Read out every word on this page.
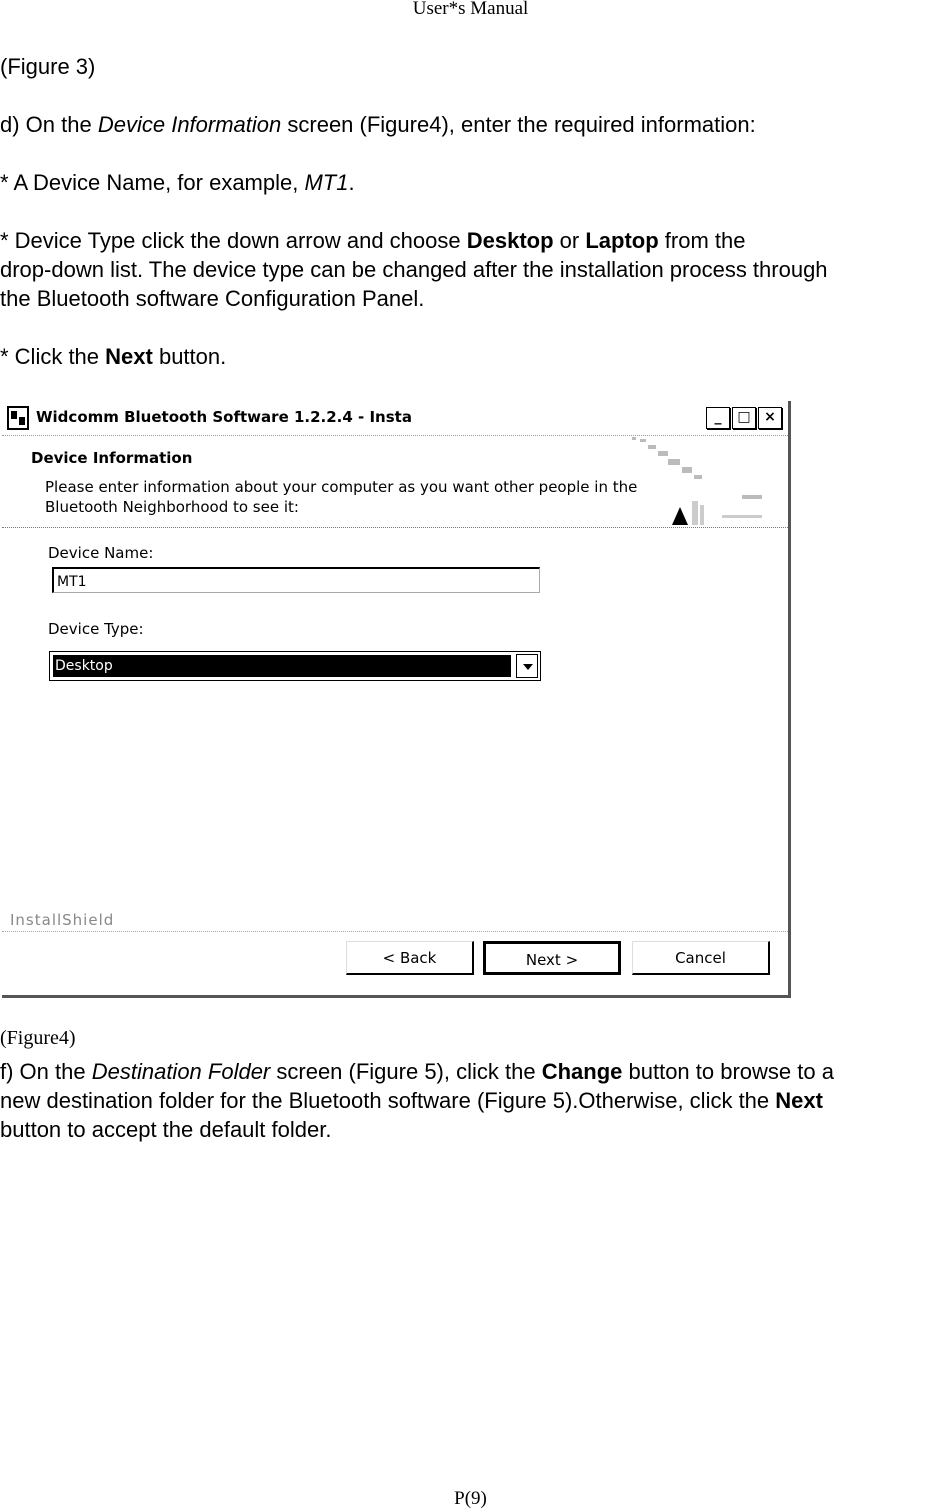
User*s Manual
(Figure 3)
d) On the Device Information screen (Figure4), enter the required information:
* A Device Name, for example, MT1.
* Device Type click the down arrow and choose Desktop or Laptop from the
drop-down list. The device type can be changed after the installation process through
the Bluetooth software Configuration Panel.
* Click the Next button.
Widcomm Bluetooth Software 1.2.2.4 - Insta	_	□ ×
Device Information
Please enter information about your computer as you want other people in the
Bluetooth Neighborhood to see it:
Device Name:
MT1
Device Type:
Desktop
InstallShield
< Back	Next >	Cancel
(Figure4)
f) On the Destination Folder screen (Figure 5), click the Change button to browse to a
new destination folder for the Bluetooth software (Figure 5).Otherwise, click the Next
button to accept the default folder.
P(9)
